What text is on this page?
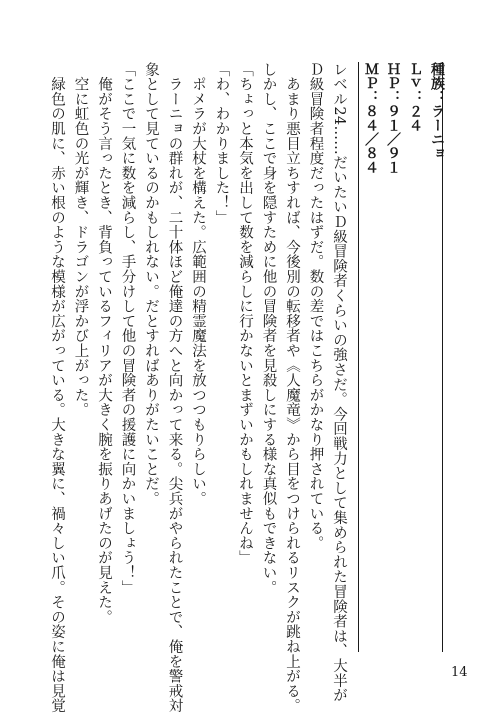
種族：ラーニョ
Ｌｖ：２４
ＨＰ：９１／９１
ＭＰ：８４／８４
レベル24……だいたいＤ級冒険者くらいの強さだ。今回戦力として集められた冒険者は、大半が
Ｄ級冒険者程度だったはずだ。数の差ではこちらがかなり押されている。
　あまり悪目立ちすれば、今後別の転移者や《人魔竜》から目をつけられるリスクが跳ね上がる。
しかし、ここで身を隠すために他の冒険者を見殺しにする様な真似もできない。
「ちょっと本気を出して数を減らしに行かないとまずいかもしれませんね」
「わ、わかりました！」
　ポメラが大杖を構えた。広範囲の精霊魔法を放つつもりらしい。
　ラーニョの群れが、二十体ほど俺達の方へと向かって来る。尖兵がやられたことで、俺を警戒対
象として見ているのかもしれない。だとすればありがたいことだ。
「ここで一気に数を減らし、手分けして他の冒険者の援護に向かいましょう！」
　俺がそう言ったとき、背負っているフィリアが大きく腕を振りあげたのが見えた。
　空に虹色の光が輝き、ドラゴンが浮かび上がった。
　緑色の肌に、赤い根のような模様が広がっている。大きな翼に、禍々しい爪。その姿に俺は見覚	14
